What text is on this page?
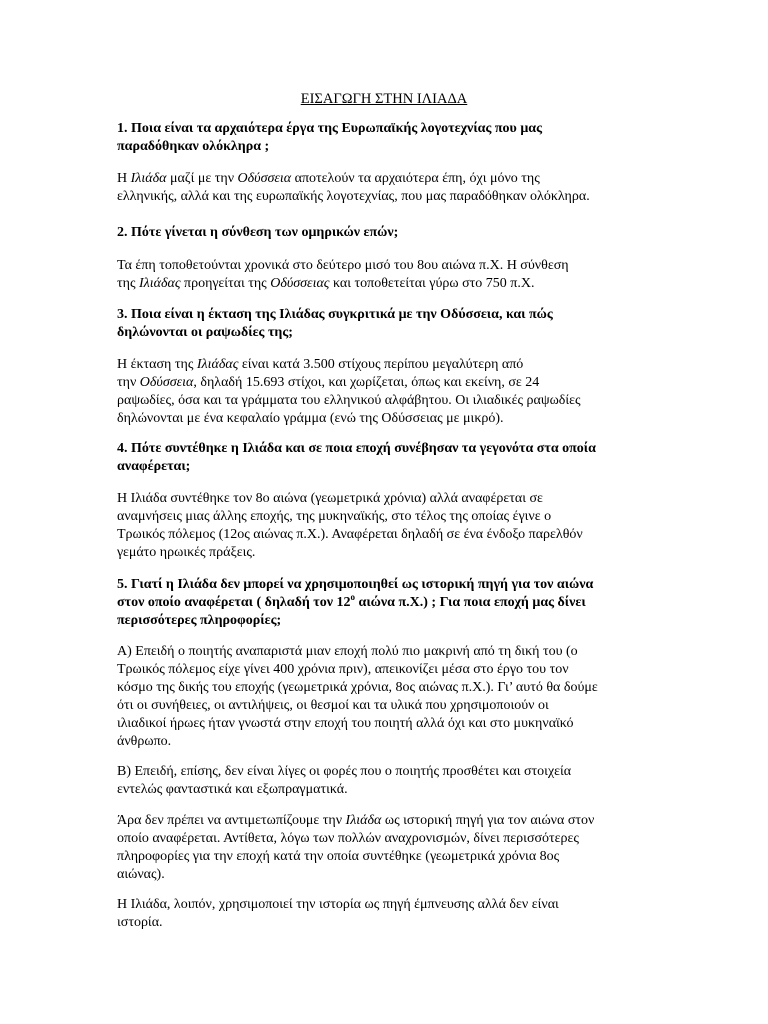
ΕΙΣΑΓΩΓΗ ΣΤΗΝ ΙΛΙΑΔΑ
1. Ποια είναι τα αρχαιότερα έργα της Ευρωπαϊκής λογοτεχνίας που μας
παραδόθηκαν ολόκληρα ;
Η Ιλιάδα μαζί με την Οδύσσεια αποτελούν τα αρχαιότερα έπη, όχι μόνο της
ελληνικής, αλλά και της ευρωπαϊκής λογοτεχνίας, που μας παραδόθηκαν ολόκληρα.
2. Πότε γίνεται η σύνθεση των ομηρικών επών;
Τα έπη τοποθετούνται χρονικά στο δεύτερο μισό του 8ου αιώνα π.Χ. Η σύνθεση
της Ιλιάδας προηγείται της Οδύσσειας και τοποθετείται γύρω στο 750 π.Χ.
3. Ποια είναι η έκταση της Ιλιάδας συγκριτικά με την Οδύσσεια, και πώς
δηλώνονται οι ραψωδίες της;
Η έκταση της Ιλιάδας είναι κατά 3.500 στίχους περίπου μεγαλύτερη από
την Οδύσσεια, δηλαδή 15.693 στίχοι, και χωρίζεται, όπως και εκείνη, σε 24
ραψωδίες, όσα και τα γράμματα του ελληνικού αλφάβητου. Οι ιλιαδικές ραψωδίες
δηλώνονται με ένα κεφαλαίο γράμμα (ενώ της Οδύσσειας με μικρό).
4. Πότε συντέθηκε η Ιλιάδα και σε ποια εποχή συνέβησαν τα γεγονότα στα οποία
αναφέρεται;
Η Ιλιάδα συντέθηκε τον 8ο αιώνα (γεωμετρικά χρόνια) αλλά αναφέρεται σε
αναμνήσεις μιας άλλης εποχής, της μυκηναϊκής, στο τέλος της οποίας έγινε ο
Τρωικός πόλεμος (12ος αιώνας π.Χ.). Αναφέρεται δηλαδή σε ένα ένδοξο παρελθόν
γεμάτο ηρωικές πράξεις.
5. Γιατί η Ιλιάδα δεν μπορεί να χρησιμοποιηθεί ως ιστορική πηγή για τον αιώνα
στον οποίο αναφέρεται ( δηλαδή τον $12^o$ αιώνα π.Χ.) ; Για ποια εποχή μας δίνει
περισσότερες πληροφορίες;
Α) Επειδή ο ποιητής αναπαριστά μιαν εποχή πολύ πιο μακρινή από τη δική του (ο
Τρωικός πόλεμος είχε γίνει 400 χρόνια πριν), απεικονίζει μέσα στο έργο του τον
κόσμο της δικής του εποχής (γεωμετρικά χρόνια, 8ος αιώνας π.Χ.). Γι’ αυτό θα δούμε
ότι οι συνήθειες, οι αντιλήψεις, οι θεσμοί και τα υλικά που χρησιμοποιούν οι
ιλιαδικοί ήρωες ήταν γνωστά στην εποχή του ποιητή αλλά όχι και στο μυκηναϊκό
άνθρωπο.
Β) Επειδή, επίσης, δεν είναι λίγες οι φορές που ο ποιητής προσθέτει και στοιχεία
εντελώς φανταστικά και εξωπραγματικά.
Άρα δεν πρέπει να αντιμετωπίζουμε την Ιλιάδα ως ιστορική πηγή για τον αιώνα στον
οποίο αναφέρεται. Αντίθετα, λόγω των πολλών αναχρονισμών, δίνει περισσότερες
πληροφορίες για την εποχή κατά την οποία συντέθηκε (γεωμετρικά χρόνια 8ος
αιώνας).
Η Ιλιάδα, λοιπόν, χρησιμοποιεί την ιστορία ως πηγή έμπνευσης αλλά δεν είναι
ιστορία.
